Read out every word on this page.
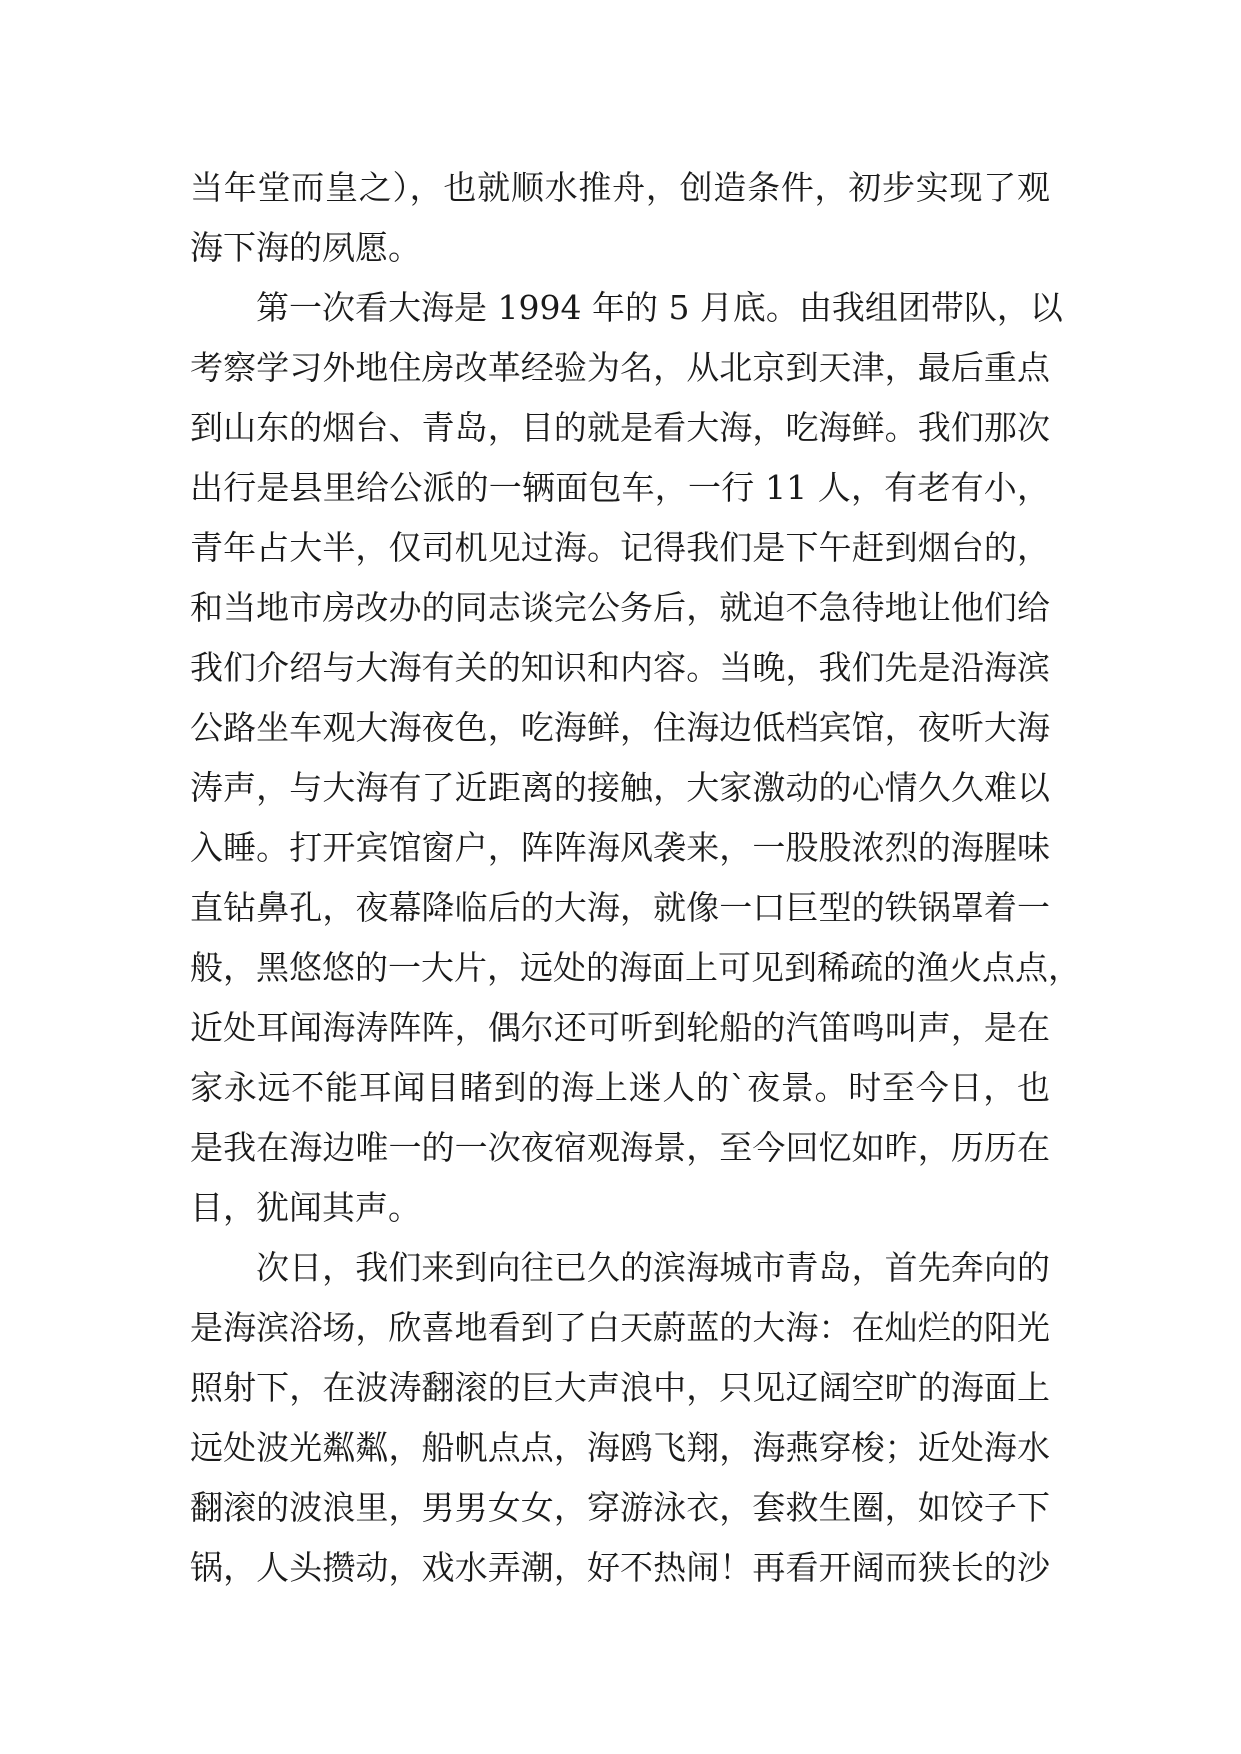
当年堂而皇之），也就顺水推舟，创造条件，初步实现了观
海下海的夙愿。
第一次看大海是 1994 年的 5 月底。由我组团带队，以
考察学习外地住房改革经验为名，从北京到天津，最后重点
到山东的烟台、青岛，目的就是看大海，吃海鲜。我们那次
出行是县里给公派的一辆面包车，一行 11 人，有老有小，
青年占大半，仅司机见过海。记得我们是下午赶到烟台的，
和当地市房改办的同志谈完公务后，就迫不急待地让他们给
我们介绍与大海有关的知识和内容。当晚，我们先是沿海滨
公路坐车观大海夜色，吃海鲜，住海边低档宾馆，夜听大海
涛声，与大海有了近距离的接触，大家激动的心情久久难以
入睡。打开宾馆窗户，阵阵海风袭来，一股股浓烈的海腥味
直钻鼻孔，夜幕降临后的大海，就像一口巨型的铁锅罩着一
般，黑悠悠的一大片，远处的海面上可见到稀疏的渔火点点，
近处耳闻海涛阵阵，偶尔还可听到轮船的汽笛鸣叫声，是在
家永远不能耳闻目睹到的海上迷人的`夜景。时至今日，也
是我在海边唯一的一次夜宿观海景，至今回忆如昨，历历在
目，犹闻其声。
次日，我们来到向往已久的滨海城市青岛，首先奔向的
是海滨浴场，欣喜地看到了白天蔚蓝的大海：在灿烂的阳光
照射下，在波涛翻滚的巨大声浪中，只见辽阔空旷的海面上
远处波光粼粼，船帆点点，海鸥飞翔，海燕穿梭；近处海水
翻滚的波浪里，男男女女，穿游泳衣，套救生圈，如饺子下
锅，人头攒动，戏水弄潮，好不热闹！再看开阔而狭长的沙
